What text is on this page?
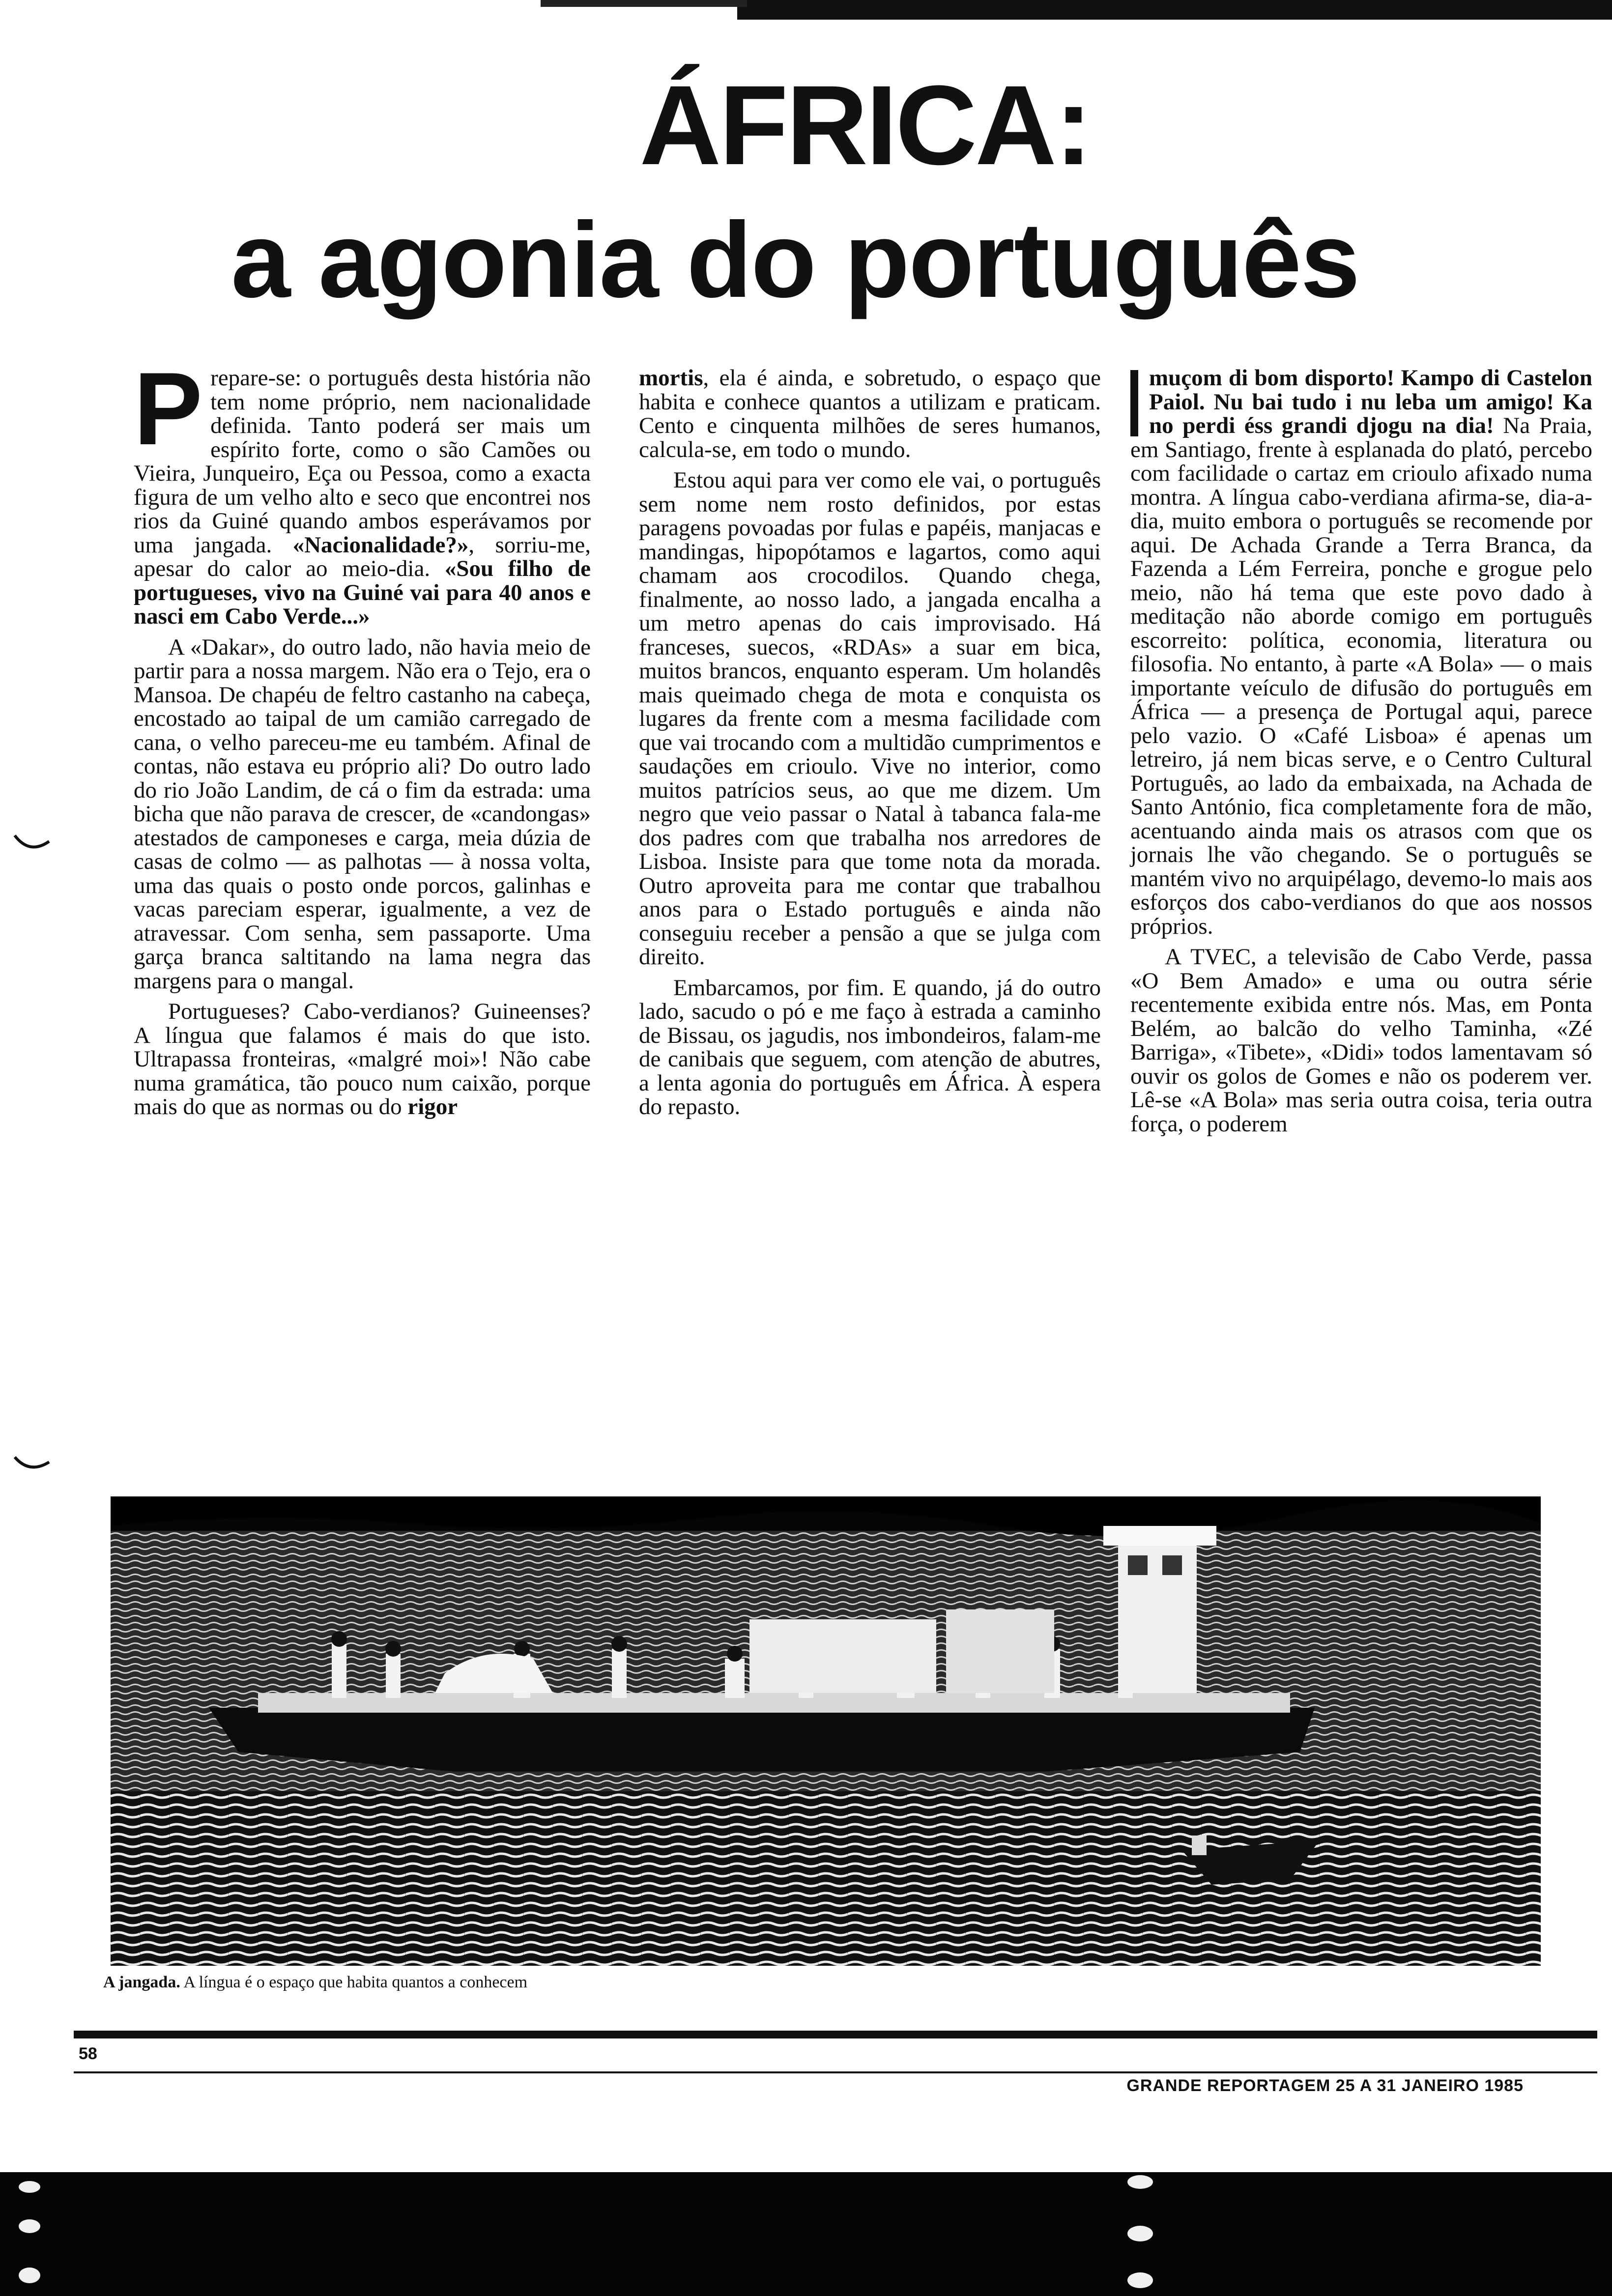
ÁFRICA:
a agonia do português

Prepare-se: o português desta história não tem nome próprio, nem nacionalidade definida. Tanto poderá ser mais um espírito forte, como o são Camões ou Vieira, Junqueiro, Eça ou Pessoa, como a exacta figura de um velho alto e seco que encontrei nos rios da Guiné quando ambos esperávamos por uma jangada. «Nacionalidade?», sorriu-me, apesar do calor ao meio-dia. «Sou filho de portugueses, vivo na Guiné vai para 40 anos e nasci em Cabo Verde...»

A «Dakar», do outro lado, não havia meio de partir para a nossa margem. Não era o Tejo, era o Mansoa. De chapéu de feltro castanho na cabeça, encostado ao taipal de um camião carregado de cana, o velho pareceu-me eu também. Afinal de contas, não estava eu próprio ali? Do outro lado do rio João Landim, de cá o fim da estrada: uma bicha que não parava de crescer, de «candongas» atestados de camponeses e carga, meia dúzia de casas de colmo — as palhotas — à nossa volta, uma das quais o posto onde porcos, galinhas e vacas pareciam esperar, igualmente, a vez de atravessar. Com senha, sem passaporte. Uma garça branca saltitando na lama negra das margens para o mangal.

Portugueses? Cabo-verdianos? Guineenses? A língua que falamos é mais do que isto. Ultrapassa fronteiras, «malgré moi»! Não cabe numa gramática, tão pouco num caixão, porque mais do que as normas ou do rigor

mortis, ela é ainda, e sobretudo, o espaço que habita e conhece quantos a utilizam e praticam. Cento e cinquenta milhões de seres humanos, calcula-se, em todo o mundo.

Estou aqui para ver como ele vai, o português sem nome nem rosto definidos, por estas paragens povoadas por fulas e papéis, manjacas e mandingas, hipopótamos e lagartos, como aqui chamam aos crocodilos. Quando chega, finalmente, ao nosso lado, a jangada encalha a um metro apenas do cais improvisado. Há franceses, suecos, «RDAs» a suar em bica, muitos brancos, enquanto esperam. Um holandês mais queimado chega de mota e conquista os lugares da frente com a mesma facilidade com que vai trocando com a multidão cumprimentos e saudações em crioulo. Vive no interior, como muitos patrícios seus, ao que me dizem. Um negro que veio passar o Natal à tabanca fala-me dos padres com que trabalha nos arredores de Lisboa. Insiste para que tome nota da morada. Outro aproveita para me contar que trabalhou anos para o Estado português e ainda não conseguiu receber a pensão a que se julga com direito.

Embarcamos, por fim. E quando, já do outro lado, sacudo o pó e me faço à estrada a caminho de Bissau, os jagudis, nos imbondeiros, falam-me de canibais que seguem, com atenção de abutres, a lenta agonia do português em África. À espera do repasto.

muçom di bom disporto! Kampo di Castelon Paiol. Nu bai tudo i nu leba um amigo! Ka no perdi éss grandi djogu na dia! Na Praia, em Santiago, frente à esplanada do plató, percebo com facilidade o cartaz em crioulo afixado numa montra. A língua cabo-verdiana afirma-se, dia-a-dia, muito embora o português se recomende por aqui. De Achada Grande a Terra Branca, da Fazenda a Lém Ferreira, ponche e grogue pelo meio, não há tema que este povo dado à meditação não aborde comigo em português escorreito: política, economia, literatura ou filosofia. No entanto, à parte «A Bola» — o mais importante veículo de difusão do português em África — a presença de Portugal aqui, parece pelo vazio. O «Café Lisboa» é apenas um letreiro, já nem bicas serve, e o Centro Cultural Português, ao lado da embaixada, na Achada de Santo António, fica completamente fora de mão, acentuando ainda mais os atrasos com que os jornais lhe vão chegando. Se o português se mantém vivo no arquipélago, devemo-lo mais aos esforços dos cabo-verdianos do que aos nossos próprios.

A TVEC, a televisão de Cabo Verde, passa «O Bem Amado» e uma ou outra série recentemente exibida entre nós. Mas, em Ponta Belém, ao balcão do velho Taminha, «Zé Barriga», «Tibete», «Didi» todos lamentavam só ouvir os golos de Gomes e não os poderem ver. Lê-se «A Bola» mas seria outra coisa, teria outra força, o poderem

A jangada. A língua é o espaço que habita quantos a conhecem
58
GRANDE REPORTAGEM 25 A 31 JANEIRO 1985
